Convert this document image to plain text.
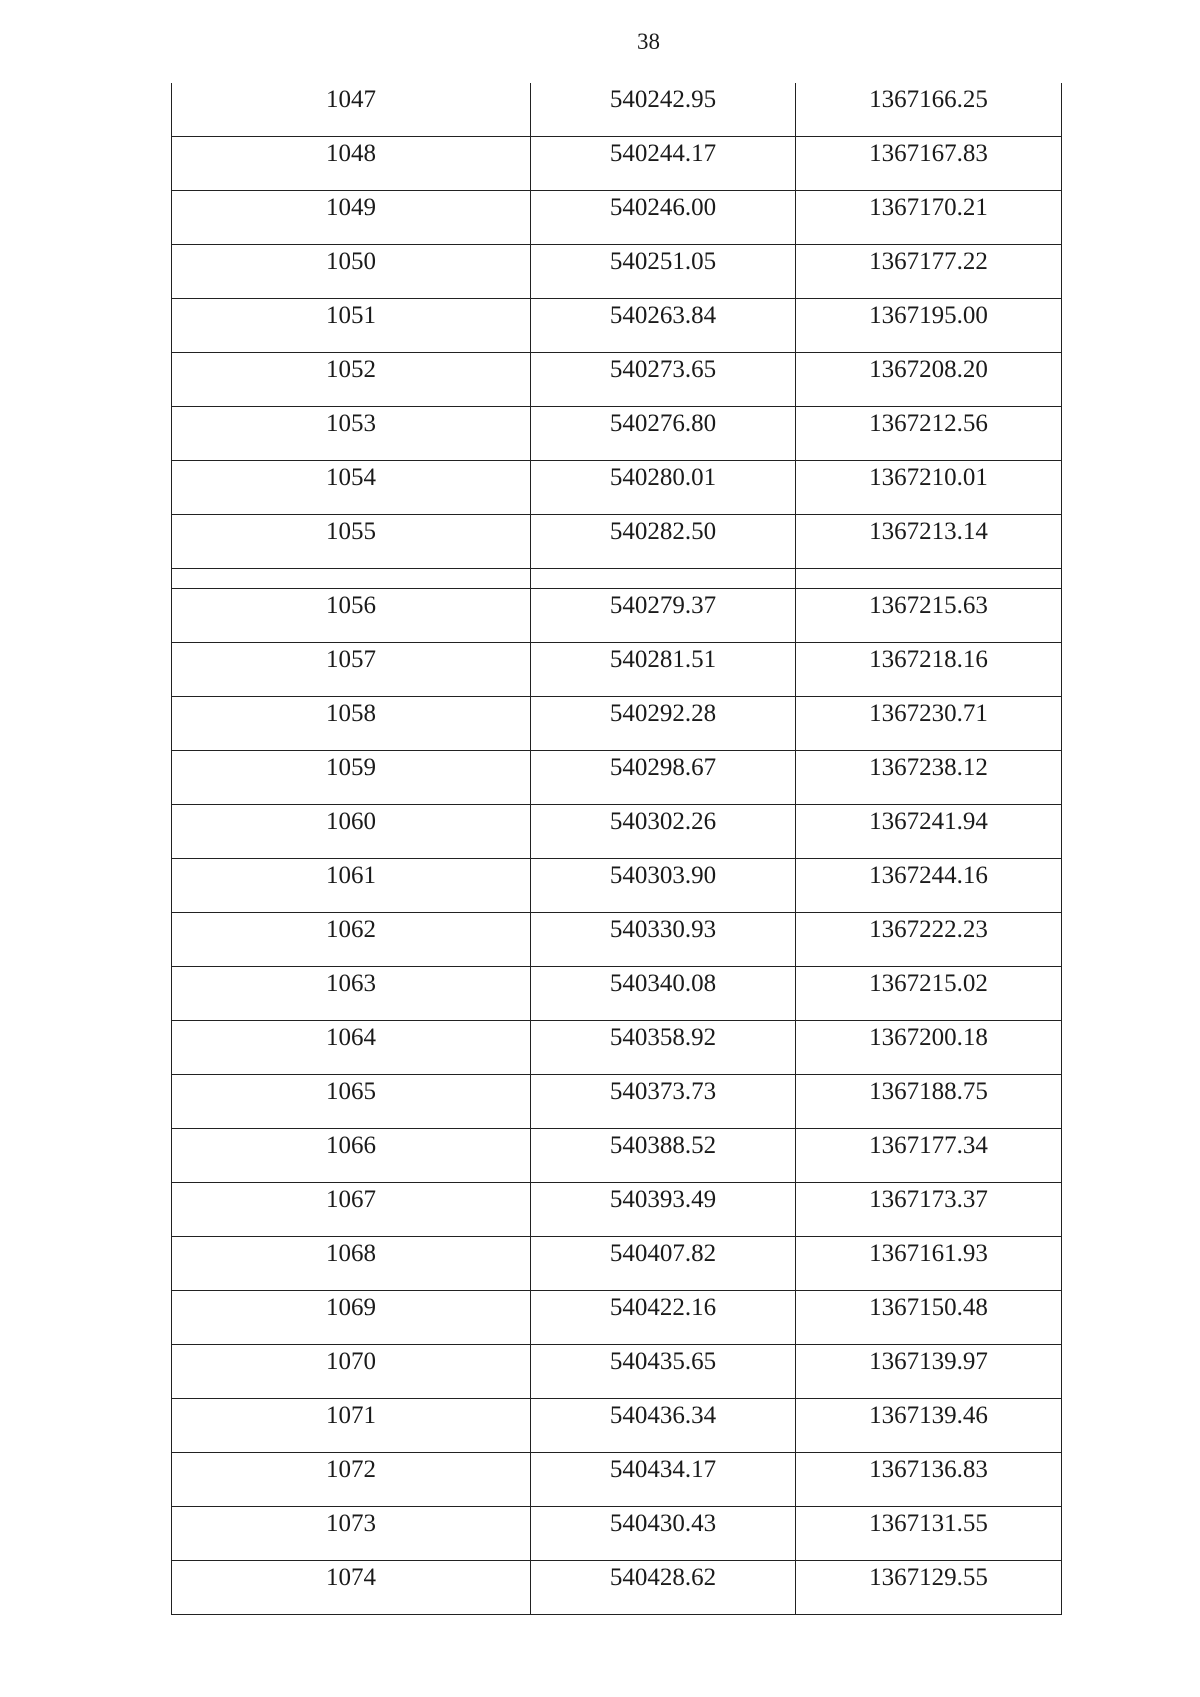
38
1047	540242.95	1367166.25

1048	540244.17	1367167.83

1049	540246.00	1367170.21

1050	540251.05	1367177.22

1051	540263.84	1367195.00

1052	540273.65	1367208.20

1053	540276.80	1367212.56

1054	540280.01	1367210.01

1055	540282.50	1367213.14

1056	540279.37	1367215.63

1057	540281.51	1367218.16

1058	540292.28	1367230.71

1059	540298.67	1367238.12

1060	540302.26	1367241.94

1061	540303.90	1367244.16

1062	540330.93	1367222.23

1063	540340.08	1367215.02

1064	540358.92	1367200.18

1065	540373.73	1367188.75

1066	540388.52	1367177.34

1067	540393.49	1367173.37

1068	540407.82	1367161.93

1069	540422.16	1367150.48

1070	540435.65	1367139.97

1071	540436.34	1367139.46

1072	540434.17	1367136.83

1073	540430.43	1367131.55

1074	540428.62	1367129.55
